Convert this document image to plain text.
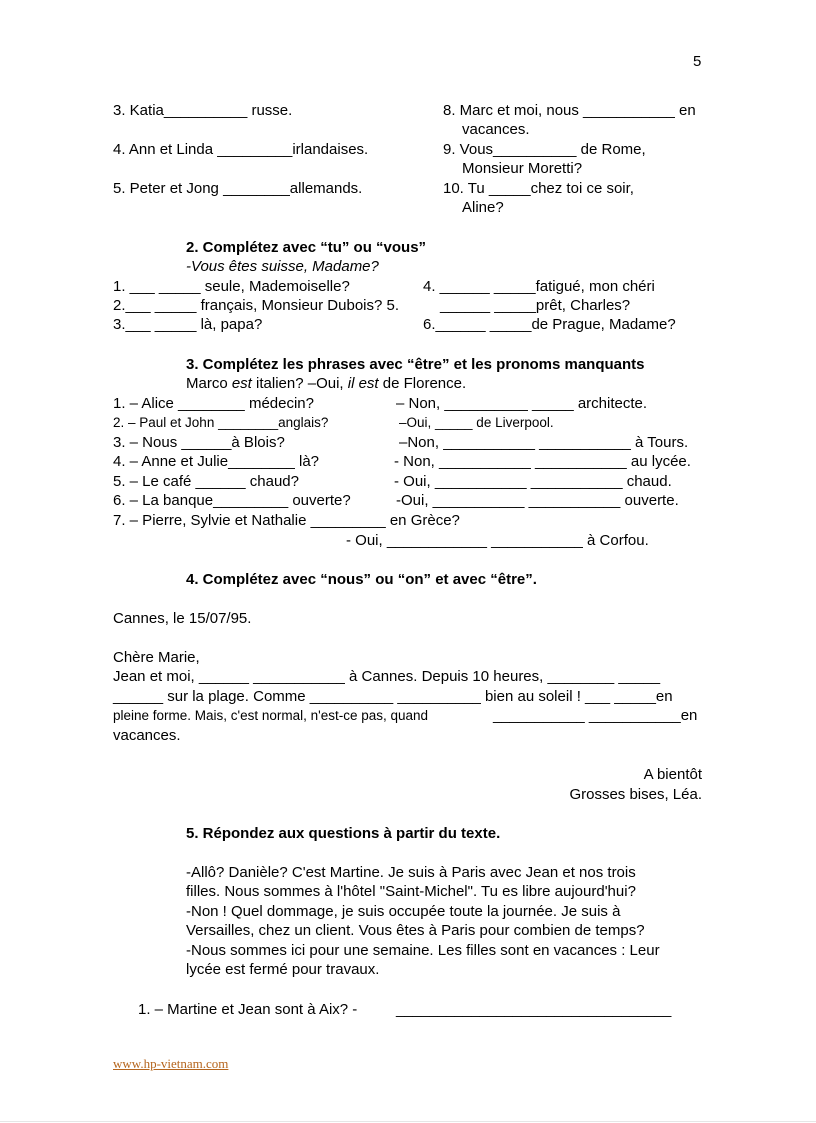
5
3. Katia__________ russe.
4. Ann et Linda _________irlandaises.
5. Peter et Jong ________allemands.
8. Marc et moi, nous ___________ en
vacances.
9. Vous__________ de Rome,
Monsieur Moretti?
10. Tu _____chez toi ce soir,
Aline?
2. Complétez avec “tu” ou “vous”
-Vous êtes suisse, Madame?
1. ___ _____ seule, Mademoiselle?
2.___ _____ français, Monsieur Dubois? 5.
3.___ _____ là, papa?
4. ______ _____fatigué, mon chéri
______ _____prêt, Charles?
6.______ _____de Prague, Madame?
3. Complétez les phrases avec “être” et les pronoms manquants
Marco est italien? –Oui, il est de Florence.
1. – Alice ________ médecin?
2. – Paul et John ________anglais?
3. – Nous ______à Blois?
4. – Anne et Julie________ là?
5. – Le café ______ chaud?
6. – La banque_________ ouverte?
7. – Pierre, Sylvie et Nathalie _________ en Grèce?
– Non, __________ _____ architecte.
–Oui, _____ de Liverpool.
–Non, ___________ ___________ à Tours.
- Non, ___________ ___________ au lycée.
- Oui, ___________ ___________ chaud.
-Oui, ___________ ___________ ouverte.
- Oui, ____________ ___________ à Corfou.
4. Complétez avec “nous” ou “on” et avec “être”.
Cannes, le 15/07/95.
Chère Marie,
Jean et moi, ______ ___________ à Cannes. Depuis 10 heures, ________ _____
______ sur la plage. Comme __________ __________ bien au soleil ! ___ _____en
pleine forme. Mais, c'est normal, n'est-ce pas, quand	___________ ___________en
vacances.
A bientôt
Grosses bises, Léa.
5. Répondez aux questions à partir du texte.
-Allô? Danièle? C'est Martine. Je suis à Paris avec Jean et nos trois
filles. Nous sommes à l'hôtel "Saint-Michel". Tu es libre aujourd'hui?
-Non ! Quel dommage, je suis occupée toute la journée. Je suis à
Versailles, chez un client. Vous êtes à Paris pour combien de temps?
-Nous sommes ici pour une semaine. Les filles sont en vacances : Leur
lycée est fermé pour travaux.
1. – Martine et Jean sont à Aix? -	_________________________________
www.hp-vietnam.com
